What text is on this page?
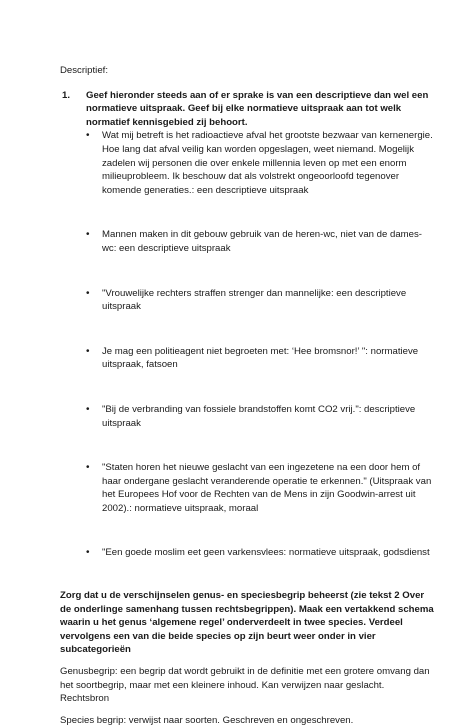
Descriptief:
1.	Geef hieronder steeds aan of er sprake is van een descriptieve dan wel een normatieve uitspraak. Geef bij elke normatieve uitspraak aan tot welk normatief kennisgebied zij behoort.
•	Wat mij betreft is het radioactieve afval het grootste bezwaar van kernenergie. Hoe lang dat afval veilig kan worden opgeslagen, weet niemand. Mogelijk zadelen wij personen die over enkele millennia leven op met een enorm milieuprobleem. Ik beschouw dat als volstrekt ongeoorloofd tegenover komende generaties.: een descriptieve uitspraak
•	Mannen maken in dit gebouw gebruik van de heren-wc, niet van de dames-wc: een descriptieve uitspraak
•	"Vrouwelijke rechters straffen strenger dan mannelijke: een descriptieve uitspraak
•	Je mag een politieagent niet begroeten met: ‘Hee bromsnor!’ ": normatieve uitspraak, fatsoen
•	"Bij de verbranding van fossiele brandstoffen komt CO2 vrij.": descriptieve uitspraak
•	"Staten horen het nieuwe geslacht van een ingezetene na een door hem of haar ondergane geslacht veranderende operatie te erkennen." (Uitspraak van het Europees Hof voor de Rechten van de Mens in zijn Goodwin-arrest uit 2002).: normatieve uitspraak, moraal
•	"Een goede moslim eet geen varkensvlees: normatieve uitspraak, godsdienst
Zorg dat u de verschijnselen genus- en speciesbegrip beheerst (zie tekst 2 Over de onderlinge samenhang tussen rechtsbegrippen). Maak een vertakkend schema waarin u het genus ‘algemene regel’ onderverdeelt in twee species. Verdeel vervolgens een van die beide species op zijn beurt weer onder in vier subcategorieën
Genusbegrip: een begrip dat wordt gebruikt in de definitie met een grotere omvang dan het soortbegrip, maar met een kleinere inhoud. Kan verwijzen naar geslacht. Rechtsbron
Species begrip: verwijst naar soorten. Geschreven en ongeschreven.
